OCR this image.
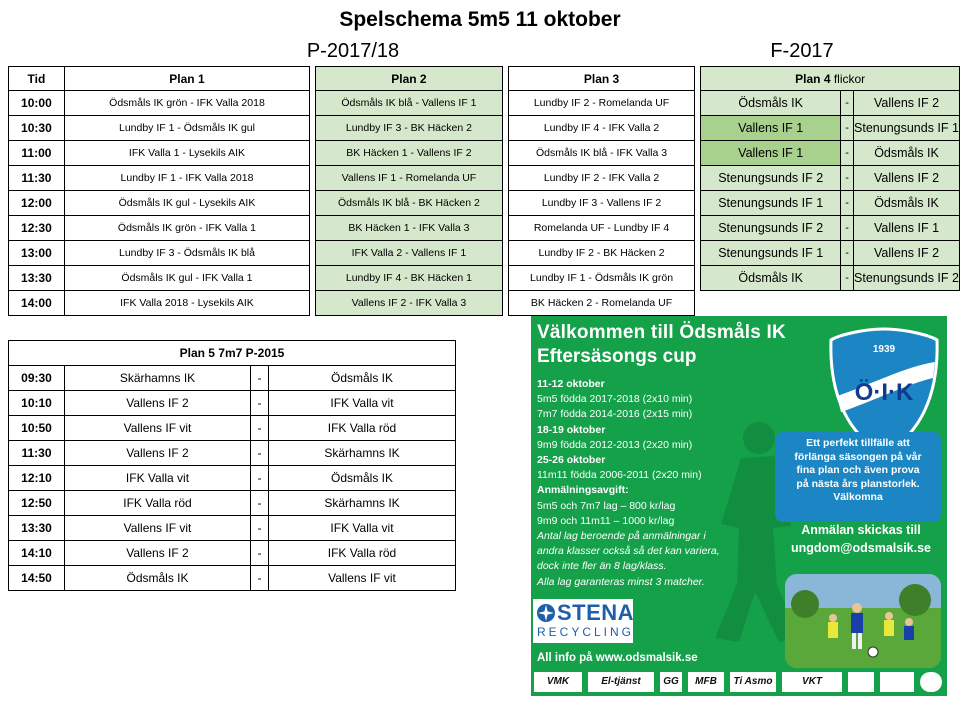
Spelschema 5m5 11 oktober
P-2017/18	F-2017
Tid	Plan 1		Plan 2		Plan 3		Plan 4 flickor		
10:00	Ödsmåls IK grön - IFK Valla 2018		Ödsmåls IK blå - Vallens IF 1		Lundby IF 2 - Romelanda UF		Ödsmåls IK	-	Vallens IF 2
10:30	Lundby IF 1 - Ödsmåls IK gul		Lundby IF 3 - BK Häcken 2		Lundby IF 4 - IFK Valla 2		Vallens IF 1	-	Stenungsunds IF 1
11:00	IFK Valla 1 - Lysekils AIK		BK Häcken 1 - Vallens IF 2		Ödsmåls IK blå - IFK Valla 3		Vallens IF 1	-	Ödsmåls IK
11:30	Lundby IF 1 - IFK Valla 2018		Vallens IF 1 - Romelanda UF		Lundby IF 2 - IFK Valla 2		Stenungsunds IF 2	-	Vallens IF 2
12:00	Ödsmåls IK gul - Lysekils AIK		Ödsmåls IK blå - BK Häcken 2		Lundby IF 3 - Vallens IF 2		Stenungsunds IF 1	-	Ödsmåls IK
12:30	Ödsmåls IK grön - IFK Valla 1		BK Häcken 1 - IFK Valla 3		Romelanda UF - Lundby IF 4		Stenungsunds IF 2	-	Vallens IF 1
13:00	Lundby IF 3 - Ödsmåls IK blå		IFK Valla 2 - Vallens IF 1		Lundby IF 2 - BK Häcken 2		Stenungsunds IF 1	-	Vallens IF 2
13:30	Ödsmåls IK gul - IFK Valla 1		Lundby IF 4 - BK Häcken 1		Lundby IF 1 - Ödsmåls IK grön		Ödsmåls IK	-	Stenungsunds IF 2
14:00	IFK Valla 2018 - Lysekils AIK		Vallens IF 2 - IFK Valla 3		BK Häcken 2 - Romelanda UF				
Plan 5 7m7 P-2015			
09:30	Skärhamns IK	-	Ödsmåls IK
10:10	Vallens IF 2	-	IFK Valla vit
10:50	Vallens IF vit	-	IFK Valla röd
11:30	Vallens IF 2	-	Skärhamns IK
12:10	IFK Valla vit	-	Ödsmåls IK
12:50	IFK Valla röd	-	Skärhamns IK
13:30	Vallens IF vit	-	IFK Valla vit
14:10	Vallens IF 2	-	IFK Valla röd
14:50	Ödsmåls IK	-	Vallens IF vit
Välkommen till Ödsmåls IK
Eftersäsongs cup
11-12 oktober
5m5 födda 2017-2018 (2x10 min)
7m7 födda 2014-2016 (2x15 min)
18-19 oktober
9m9 födda 2012-2013 (2x20 min)
25-26 oktober
11m11 födda 2006-2011 (2x20 min)
Anmälningsavgift:
5m5 och 7m7 lag – 800 kr/lag
9m9 och 11m11 – 1000 kr/lag
Antal lag beroende på anmälningar i
andra klasser också så det kan variera,
dock inte fler än 8 lag/klass.
Alla lag garanteras minst 3 matcher.
1939
Ö·I·K
Ett perfekt tillfälle att
förlänga säsongen på vår
fina plan och även prova
på nästa års planstorlek.
Välkomna
Anmälan skickas till
ungdom@odsmalsik.se
STENA
RECYCLING
All info på www.odsmalsik.se
VMK	El-tjänst	GG	MFB	Ti Asmo	VKT
